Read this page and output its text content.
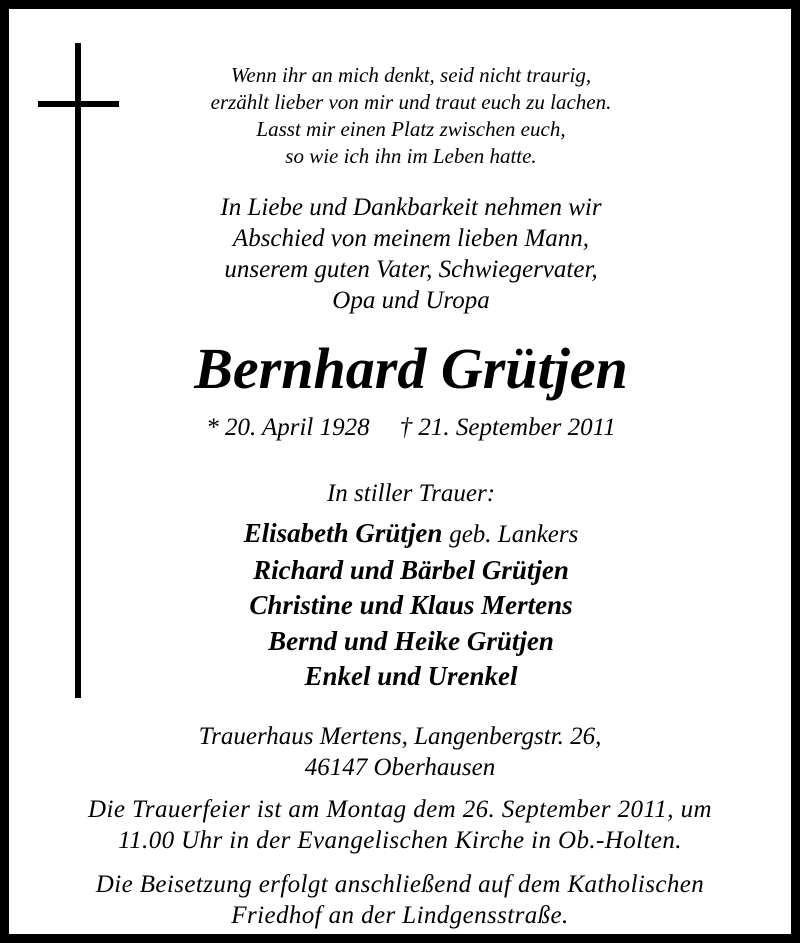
Wenn ihr an mich denkt, seid nicht traurig,
erzählt lieber von mir und traut euch zu lachen.
Lasst mir einen Platz zwischen euch,
so wie ich ihn im Leben hatte.
In Liebe und Dankbarkeit nehmen wir
Abschied von meinem lieben Mann,
unserem guten Vater, Schwiegervater,
Opa und Uropa
Bernhard Grütjen
* 20. April 1928 † 21. September 2011
In stiller Trauer:
Elisabeth Grütjen geb. Lankers
Richard und Bärbel Grütjen
Christine und Klaus Mertens
Bernd und Heike Grütjen
Enkel und Urenkel
Trauerhaus Mertens, Langenbergstr. 26,
46147 Oberhausen
Die Trauerfeier ist am Montag dem 26. September 2011, um
11.00 Uhr in der Evangelischen Kirche in Ob.-Holten.
Die Beisetzung erfolgt anschließend auf dem Katholischen
Friedhof an der Lindgensstraße.
